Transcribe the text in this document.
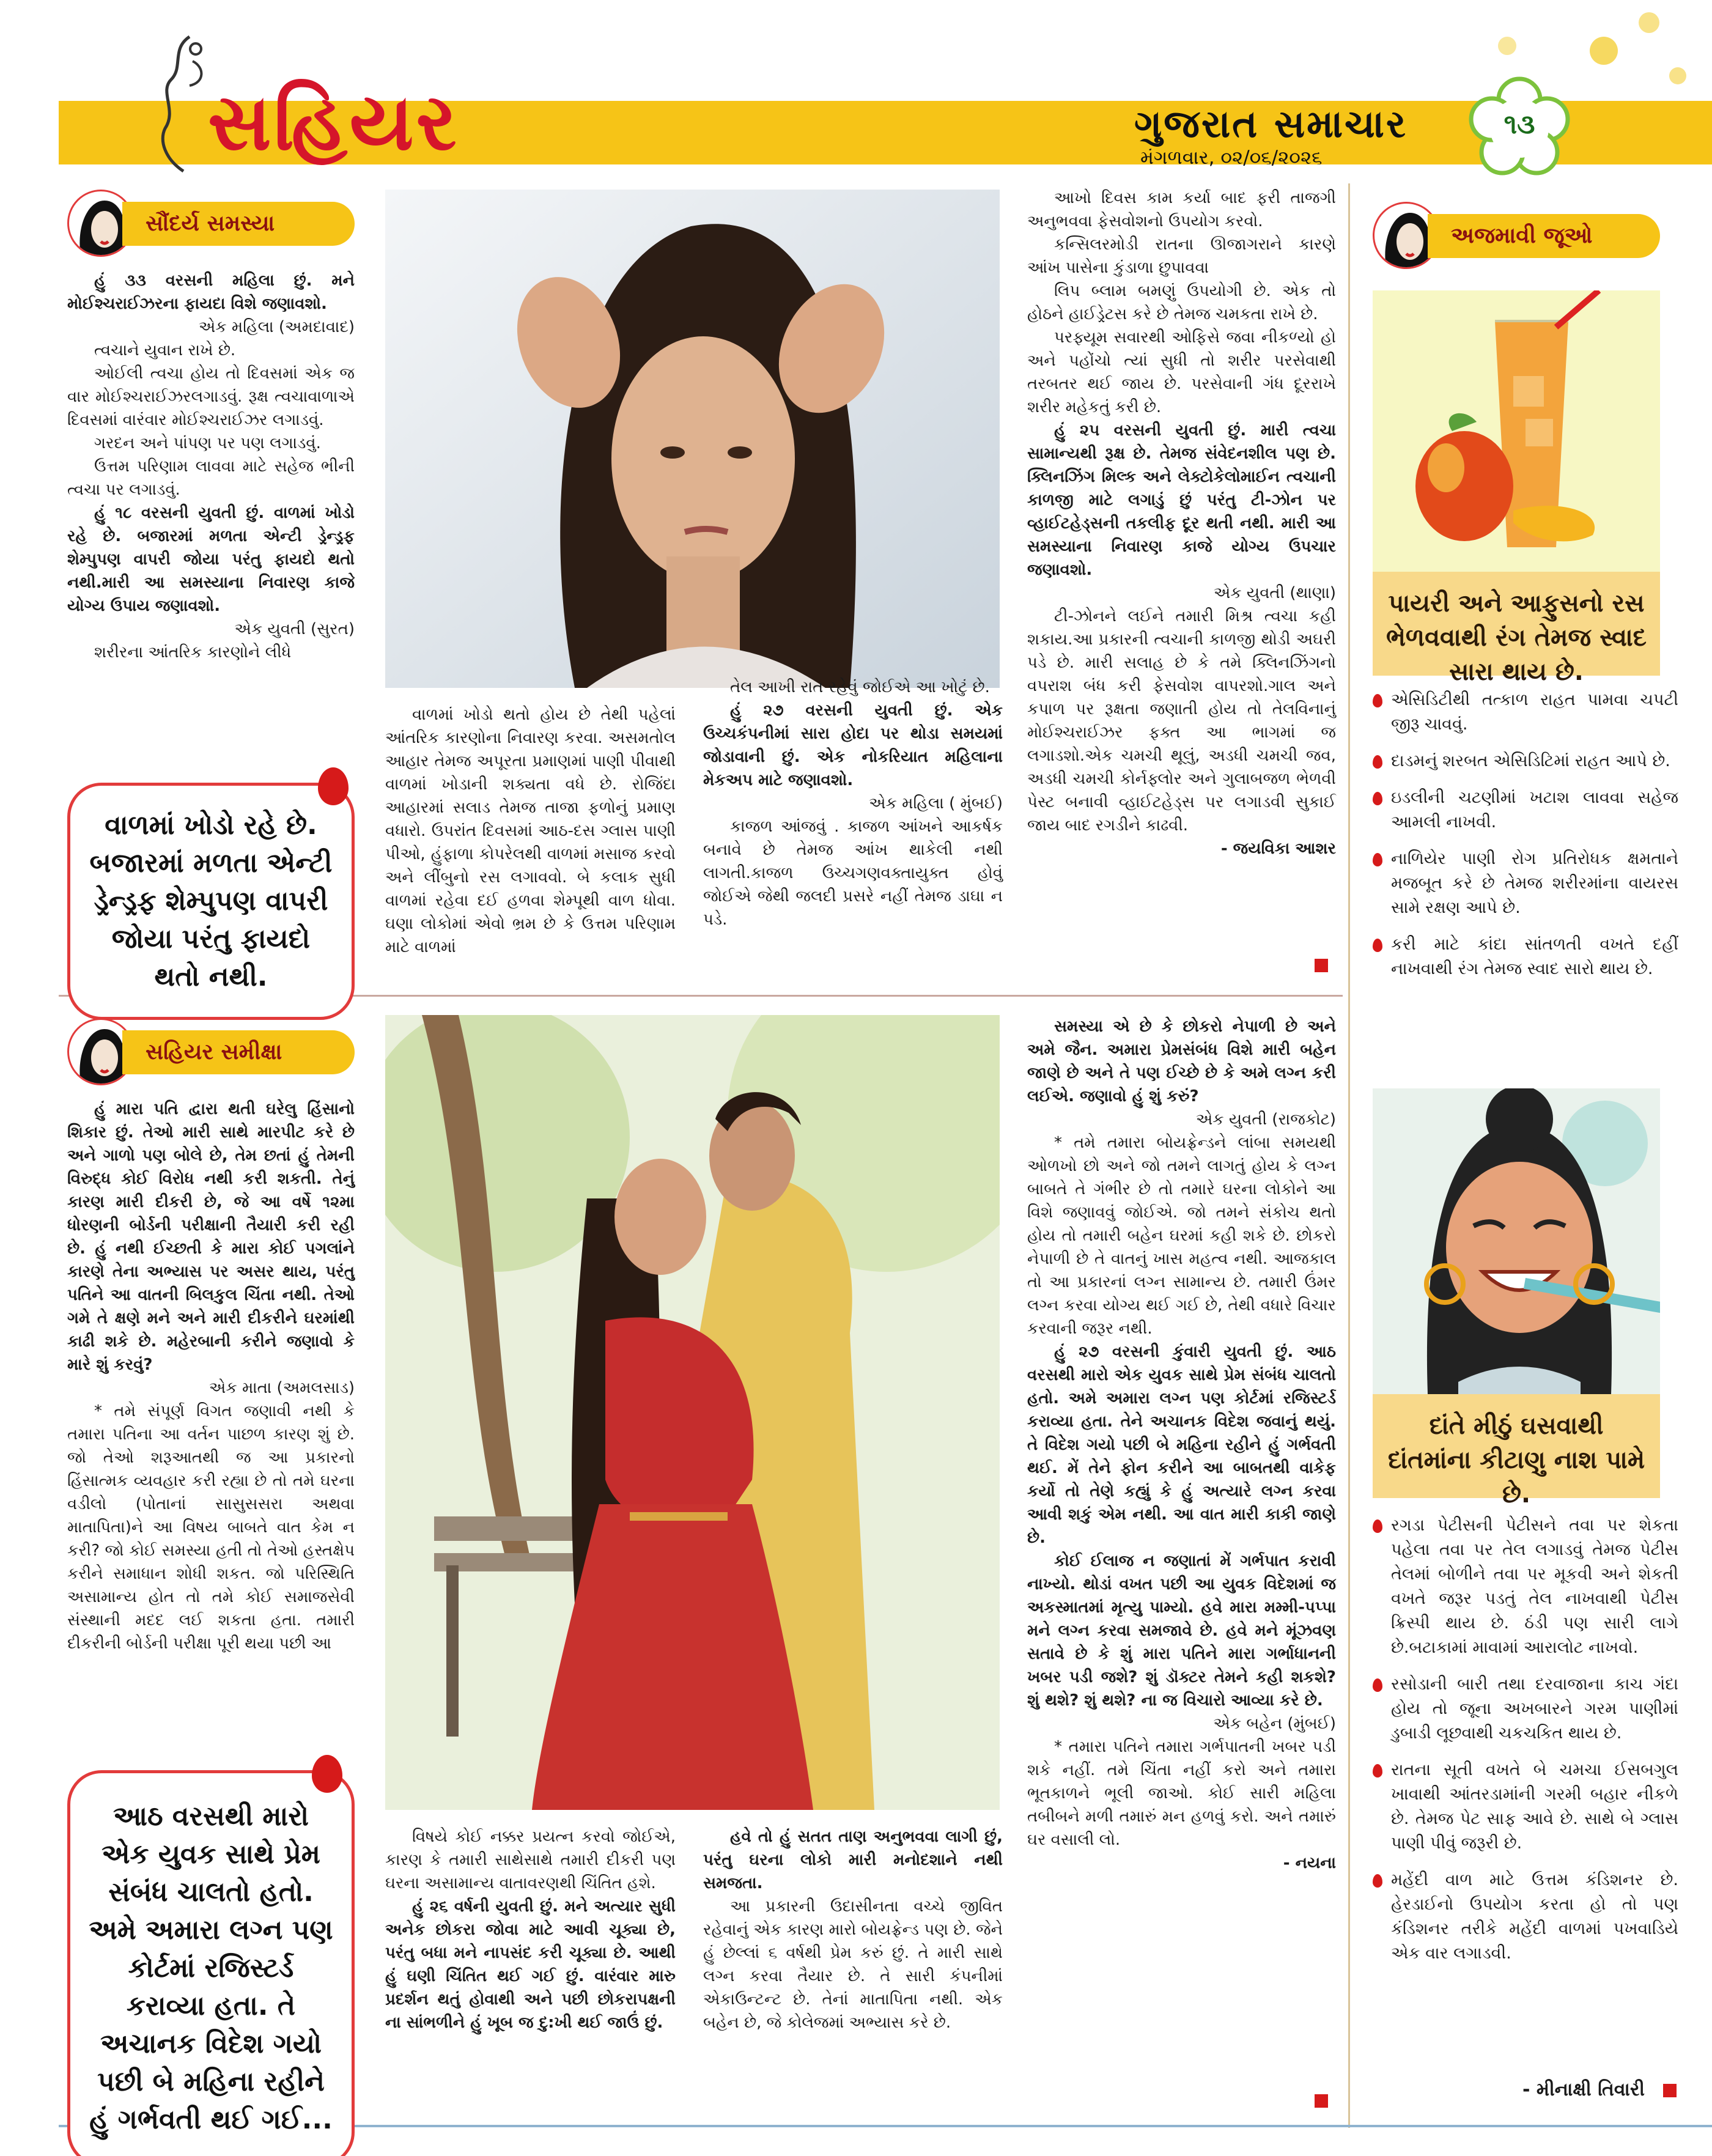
સહિયર	ગુજરાત સમાચાર
મંગળવાર, ૦૨/૦૬/૨૦૨૬
૧૩
સૌંદર્ય સમસ્યા

હું ૩૩ વરસની મહિલા છું. મને મોઈશ્ચરાઈઝરના ફાયદા વિશે જણાવશો.

એક મહિલા (અમદાવાદ)

ત્વચાને યુવાન રાખે છે.

ઓઈલી ત્વચા હોય તો દિવસમાં એક જ વાર મોઈશ્ચરાઈઝરલગાડવું. રૂક્ષ ત્વચાવાળાએ દિવસમાં વારંવાર મોઈશ્ચરાઈઝર લગાડવું.

ગરદન અને પાંપણ પર પણ લગાડવું.

ઉત્તમ પરિણામ લાવવા માટે સહેજ ભીની ત્વચા પર લગાડવું.

હું ૧૮ વરસની યુવતી છું. વાળમાં ખોડો રહે છે. બજારમાં મળતા એન્ટી ડ્રેન્ડ્રફ શેમ્પુપણ વાપરી જોયા પરંતુ ફાયદો થતો નથી.મારી આ સમસ્યાના નિવારણ કાજે યોગ્ય ઉપાય જણાવશો.

એક યુવતી (સુરત)

શરીરના આંતરિક કારણોને લીધે

વાળમાં ખોડો રહે છે. બજારમાં મળતા એન્ટી ડ્રેન્ડ્રફ શેમ્પુપણ વાપરી જોયા પરંતુ ફાયદો થતો નથી.

વાળમાં ખોડો થતો હોય છે તેથી પહેલાં આંતરિક કારણોના નિવારણ કરવા. અસમતોલ આહાર તેમજ અપૂરતા પ્રમાણમાં પાણી પીવાથી વાળમાં ખોડાની શક્યતા વધે છે. રોજિંદા આહારમાં સલાડ તેમજ તાજા ફળોનું પ્રમાણ વધારો. ઉપરાંત દિવસમાં આઠ-દસ ગ્લાસ પાણી પીઓ, હુંફાળા કોપરેલથી વાળમાં મસાજ કરવો અને લીંબુનો રસ લગાવવો. બે કલાક સુધી વાળમાં રહેવા દઈ હળવા શેમ્પૂથી વાળ ધોવા. ઘણા લોકોમાં એવો ભ્રમ છે કે ઉત્તમ પરિણામ માટે વાળમાં

તેલ આખી રાત રહેવું જોઈએ આ ખોટું છે.

હું ૨૭ વરસની યુવતી છું. એક ઉચ્ચકંપનીમાં સારા હોદા પર થોડા સમયમાં જોડાવાની છું. એક નોકરિયાત મહિલાના મેકઅપ માટે જણાવશો.

એક મહિલા ( મુંબઈ)

કાજળ આંજવું . કાજળ આંખને આકર્ષક બનાવે છે તેમજ આંખ થાકેલી નથી લાગતી.કાજળ ઉચ્ચગણવક્તાયુક્ત હોવું જોઈએ જેથી જલદી પ્રસરે નહીં તેમજ ડાઘા ન પડે.

આખો દિવસ કામ કર્યા બાદ ફરી તાજગી અનુભવવા ફેસવોશનો ઉપયોગ કરવો.

કન્સિલરમોડી રાતના ઊજાગરાને કારણે આંખ પાસેના કુંડાળા છુપાવવા

લિપ બ્લામ બમણું ઉપયોગી છે. એક તો હોઠને હાઈડ્રેટસ કરે છે તેમજ ચમકતા રાખે છે.

પરફ્યૂમ સવારથી ઓફિસે જવા નીકળ્યો હો અને પહોંચો ત્યાં સુધી તો શરીર પરસેવાથી તરબતર થઈ જાય છે. પરસેવાની ગંધ દૂરરાખે શરીર મહેકતું કરી છે.

હું ૨૫ વરસની યુવતી છું. મારી ત્વચા સામાન્યથી રૂક્ષ છે. તેમજ સંવેદનશીલ પણ છે. ક્લિનઝિંગ મિલ્ક અને લેક્ટોકેલોમાઈન ત્વચાની કાળજી માટે લગાડું છું પરંતુ ટી-ઝોન પર વ્હાઈટહેડ્સની તકલીફ દૂર થતી નથી. મારી આ સમસ્યાના નિવારણ કાજે યોગ્ય ઉપચાર જણાવશો.

એક યુવતી (થાણા)

ટી-ઝોનને લઈને તમારી મિશ્ર ત્વચા કહી શકાય.આ પ્રકારની ત્વચાની કાળજી થોડી અઘરી પડે છે. મારી સલાહ છે કે તમે ક્લિનઝિંગનો વપરાશ બંધ કરી ફેસવોશ વાપરશો.ગાલ અને કપાળ પર રૂક્ષતા જણાતી હોય તો તેલવિનાનું મોઈશ્ચરાઈઝર ફક્ત આ ભાગમાં જ લગાડશો.એક ચમચી થૂલું, અડધી ચમચી જવ, અડધી ચમચી કોર્નફ્લોર અને ગુલાબજળ ભેળવી પેસ્ટ બનાવી વ્હાઈટહેડ્સ પર લગાડવી સુકાઈ જાય બાદ રગડીને કાઢવી.

- જયવિકા આશર

સહિયર સમીક્ષા

હું મારા પતિ દ્વારા થતી ઘરેલુ હિંસાનો શિકાર છું. તેઓ મારી સાથે મારપીટ કરે છે અને ગાળો પણ બોલે છે, તેમ છતાં હું તેમની વિરુદ્ધ કોઈ વિરોધ નથી કરી શકતી. તેનું કારણ મારી દીકરી છે, જે આ વર્ષે ૧૨મા ધોરણની બોર્ડની પરીક્ષાની તૈયારી કરી રહી છે. હું નથી ઈચ્છતી કે મારા કોઈ પગલાંને કારણે તેના અભ્યાસ પર અસર થાય, પરંતુ પતિને આ વાતની બિલકુલ ચિંતા નથી. તેઓ ગમે તે ક્ષણે મને અને મારી દીકરીને ઘરમાંથી કાઢી શકે છે. મહેરબાની કરીને જણાવો કે મારે શું કરવું?

એક માતા (અમલસાડ)

* તમે સંપૂર્ણ વિગત જણાવી નથી કે તમારા પતિના આ વર્તન પાછળ કારણ શું છે. જો તેઓ શરૂઆતથી જ આ પ્રકારનો હિંસાત્મક વ્યવહાર કરી રહ્યા છે તો તમે ઘરના વડીલો (પોતાનાં સાસુસસરા અથવા માતાપિતા)ને આ વિષય બાબતે વાત કેમ ન કરી? જો કોઈ સમસ્યા હતી તો તેઓ હસ્તક્ષેપ કરીને સમાધાન શોધી શકત. જો પરિસ્થિતિ અસામાન્ય હોત તો તમે કોઈ સમાજસેવી સંસ્થાની મદદ લઈ શકતા હતા. તમારી દીકરીની બોર્ડની પરીક્ષા પૂરી થયા પછી આ

આઠ વરસથી મારો એક યુવક સાથે પ્રેમ સંબંધ ચાલતો હતો. અમે અમારા લગ્ન પણ કોર્ટમાં રજિસ્ટર્ડ કરાવ્યા હતા. તે અચાનક વિદેશ ગયો પછી બે મહિના રહીને હું ગર્ભવતી થઈ ગઈ...

વિષયે કોઈ નક્કર પ્રયત્ન કરવો જોઈએ, કારણ કે તમારી સાથેસાથે તમારી દીકરી પણ ઘરના અસામાન્ય વાતાવરણથી ચિંતિત હશે.

હું ૨૬ વર્ષની યુવતી છું. મને અત્યાર સુધી અનેક છોકરા જોવા માટે આવી ચૂક્યા છે, પરંતુ બધા મને નાપસંદ કરી ચૂક્યા છે. આથી હું ઘણી ચિંતિત થઈ ગઈ છું. વારંવાર મારુ પ્રદર્શન થતું હોવાથી અને પછી છોકરાપક્ષની ના સાંભળીને હું ખૂબ જ દુ:ખી થઈ જાઉં છું.

હવે તો હું સતત તાણ અનુભવવા લાગી છું, પરંતુ ઘરના લોકો મારી મનોદશાને નથી સમજતા.

આ પ્રકારની ઉદાસીનતા વચ્ચે જીવિત રહેવાનું એક કારણ મારો બોયફ્રેન્ડ પણ છે. જેને હું છેલ્લાં ૬ વર્ષથી પ્રેમ કરું છું. તે મારી સાથે લગ્ન કરવા તૈયાર છે. તે સારી કંપનીમાં એકાઉન્ટન્ટ છે. તેનાં માતાપિતા નથી. એક બહેન છે, જે કોલેજમાં અભ્યાસ કરે છે.

સમસ્યા એ છે કે છોકરો નેપાળી છે અને અમે જૈન. અમારા પ્રેમસંબંધ વિશે મારી બહેન જાણે છે અને તે પણ ઈચ્છે છે કે અમે લગ્ન કરી લઈએ. જણાવો હું શું કરું?

એક યુવતી (રાજકોટ)

* તમે તમારા બોયફ્રેન્ડને લાંબા સમયથી ઓળખો છો અને જો તમને લાગતું હોય કે લગ્ન બાબતે તે ગંભીર છે તો તમારે ઘરના લોકોને આ વિશે જણાવવું જોઈએ. જો તમને સંકોચ થતો હોય તો તમારી બહેન ઘરમાં કહી શકે છે. છોકરો નેપાળી છે તે વાતનું ખાસ મહત્વ નથી. આજકાલ તો આ પ્રકારનાં લગ્ન સામાન્ય છે. તમારી ઉંમર લગ્ન કરવા યોગ્ય થઈ ગઈ છે, તેથી વધારે વિચાર કરવાની જરૂર નથી.

હું ૨૭ વરસની કુંવારી યુવતી છું. આઠ વરસથી મારો એક યુવક સાથે પ્રેમ સંબંધ ચાલતો હતો. અમે અમારા લગ્ન પણ કોર્ટમાં રજિસ્ટર્ડ કરાવ્યા હતા. તેને અચાનક વિદેશ જવાનું થયું. તે વિદેશ ગયો પછી બે મહિના રહીને હું ગર્ભવતી થઈ. મેં તેને ફોન કરીને આ બાબતથી વાકેફ કર્યો તો તેણે કહ્યું કે હું અત્યારે લગ્ન કરવા આવી શકું એમ નથી. આ વાત મારી કાકી જાણે છે.

કોઈ ઈલાજ ન જણાતાં મેં ગર્ભપાત કરાવી નાખ્યો. થોડાં વખત પછી આ યુવક વિદેશમાં જ અકસ્માતમાં મૃત્યુ પામ્યો. હવે મારા મમ્મી-પપ્પા મને લગ્ન કરવા સમજાવે છે. હવે મને મૂંઝવણ સતાવે છે કે શું મારા પતિને મારા ગર્ભાધાનની ખબર પડી જશે? શું ડૉક્ટર તેમને કહી શકશે? શું થશે? શું થશે? ના જ વિચારો આવ્યા કરે છે.

એક બહેન (મુંબઈ)

* તમારા પતિને તમારા ગર્ભપાતની ખબર પડી શકે નહીં. તમે ચિંતા નહીં કરો અને તમારા ભૂતકાળને ભૂલી જાઓ. કોઈ સારી મહિલા તબીબને મળી તમારું મન હળવું કરો. અને તમારું ઘર વસાલી લો.

- નયના

અજમાવી જૂઓ
પાયરી અને આફુસનો રસ ભેળવવાથી રંગ તેમજ સ્વાદ સારા થાય છે.
એસિડિટીથી તત્કાળ રાહત પામવા ચપટી જીરૂ ચાવવું.
દાડમનું શરબત એસિડિટિમાં રાહત આપે છે.
ઇડલીની ચટણીમાં ખટાશ લાવવા સહેજ આમલી નાખવી.
નાળિયેર પાણી રોગ પ્રતિરોધક ક્ષમતાને મજબૂત કરે છે તેમજ શરીરમાંના વાયરસ સામે રક્ષણ આપે છે.
કરી માટે કાંદા સાંતળતી વખતે દહીં નાખવાથી રંગ તેમજ સ્વાદ સારો થાય છે.
દાંતે મીઠું ઘસવાથી દાંતમાંના કીટાણુ નાશ પામે છે.
રગડા પેટીસની પેટીસને તવા પર શેકતા પહેલા તવા પર તેલ લગાડવું તેમજ પેટીસ તેલમાં બોળીને તવા પર મૂકવી અને શેકતી વખતે જરૂર પડતું તેલ નાખવાથી પેટીસ ક્રિસ્પી થાય છે. ઠંડી પણ સારી લાગે છે.બટાકામાં માવામાં આરાલોટ નાખવો.
રસોડાની બારી તથા દરવાજાના કાચ ગંદા હોય તો જૂના અખબારને ગરમ પાણીમાં ડુબાડી લૂછવાથી ચકચકિત થાય છે.
રાતના સૂતી વખતે બે ચમચા ઈસબગુલ ખાવાથી આંતરડામાંની ગરમી બહાર નીકળે છે. તેમજ પેટ સાફ આવે છે. સાથે બે ગ્લાસ પાણી પીવું જરૂરી છે.
મહેંદી વાળ માટે ઉત્તમ કંડિશનર છે. હેરડાઈનો ઉપયોગ કરતા હો તો પણ કંડિશનર તરીકે મહેંદી વાળમાં પખવાડિયે એક વાર લગાડવી.
- મીનાક્ષી તિવારી
